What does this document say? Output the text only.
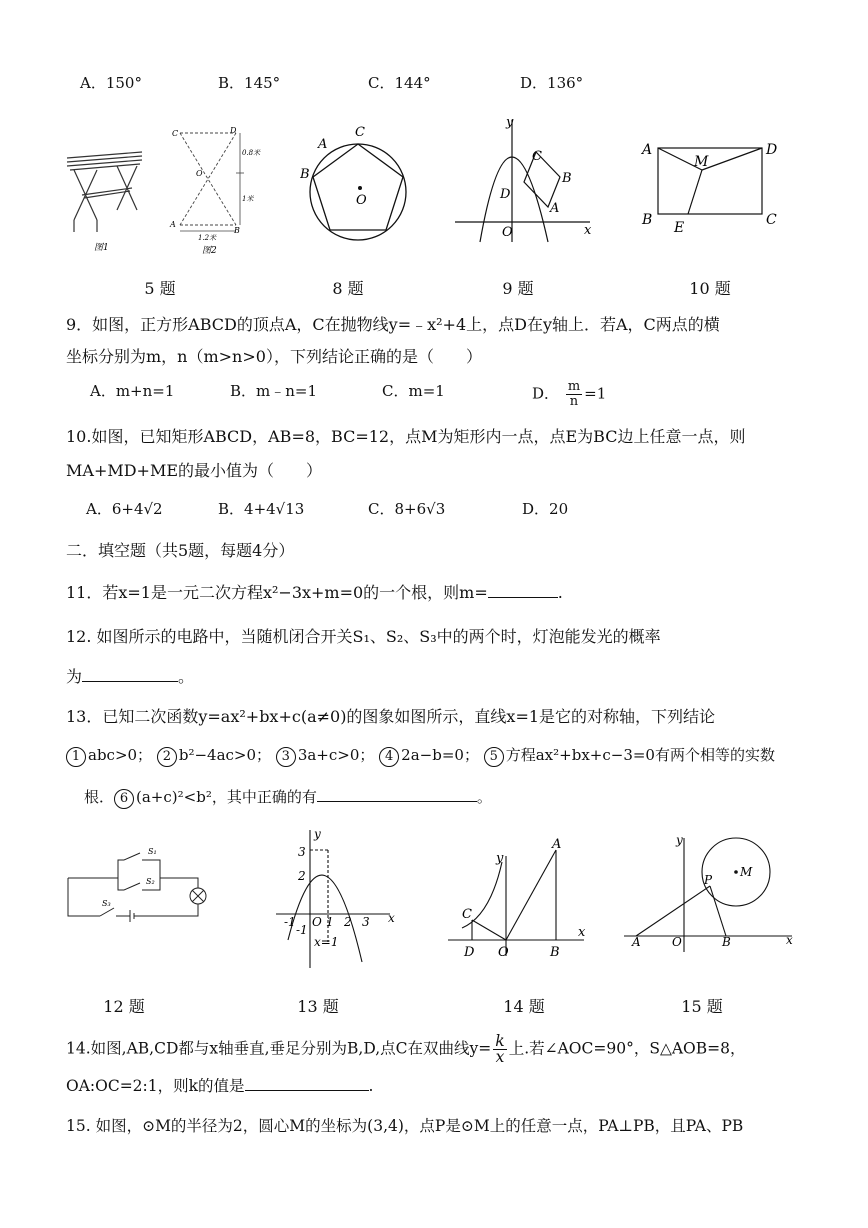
A．150°	B．145°	C．144°	D．136°
图1
C	D
O
A
B
0.8米
1米
1.2米
图2
C
A
B
O
y
x
O
C
B
A
D
A	D
B	C
M
E
5 题	8 题	9 题	10 题
9．如图，正方形ABCD的顶点A，C在抛物线y=﹣x²+4上，点D在y轴上．若A，C两点的横
坐标分别为m，n（m>n>0），下列结论正确的是（　　）
A．m+n=1	B．m﹣n=1	C．m=1	D． $\frac{m}{n} =1$
10.如图，已知矩形ABCD，AB=8，BC=12，点M为矩形内一点，点E为BC边上任意一点，则
MA+MD+ME的最小值为（　　）
A．6+4√2	B．4+4√13	C．8+6√3	D．20
二．填空题（共5题，每题4分）
11．若x=1是一元二次方程x²−3x+m=0的一个根，则m=	.
12. 如图所示的电路中，当随机闭合开关S₁、S₂、S₃中的两个时，灯泡能发光的概率
为	。
13．已知二次函数y=ax²+bx+c(a≠0)的图象如图所示，直线x=1是它的对称轴，下列结论
1 abc>0； 2 b²−4ac>0； 3 3a+c>0； 4 2a−b=0； 5 方程ax²+bx+c−3=0有两个相等的实数
根． 6 (a+c)²<b²，其中正确的有	。
S₁
S₂
S₃
y
x
O
3
2
-1
-1	1 2 3
x=1
y
x
A
B
C
D O
y
x
A	B
O
P
M
12 题	13 题	14 题	15 题
14.如图,AB,CD都与x轴垂直,垂足分别为B,D,点C在双曲线$y= \frac{k}{x}$ 上.若∠AOC=90°，S△AOB=8，
OA:OC=2:1，则k的值是	.
15. 如图，⊙M的半径为2，圆心M的坐标为(3,4)，点P是⊙M上的任意一点，PA⊥PB，且PA、PB
